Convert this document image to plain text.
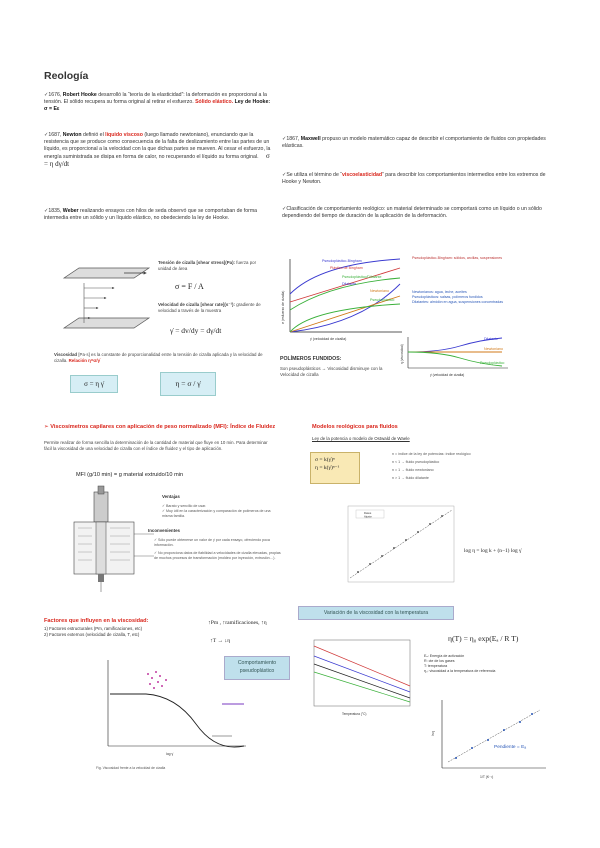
Reología
✓1676, Robert Hooke desarrolló la “teoría de la elasticidad”: la deformación es proporcional a la tensión. El sólido recupera su forma original al retirar el esfuerzo. Sólido elástico. Ley de Hooke: σ = Eε
✓1687, Newton definió el líquido viscoso (luego llamado newtoniano), enunciando que la resistencia que se produce como consecuencia de la falta de deslizamiento entre las partes de un líquido, es proporcional a la velocidad con la que dichas partes se mueven. Al cesar el esfuerzo, la energía suministrada se disipa en forma de calor, no recuperando el líquido su forma original. σ = η dγ/dt
✓1835, Weber realizando ensayos con hilos de seda observó que se comportaban de forma intermedia entre un sólido y un líquido elástico, no obedeciendo la ley de Hooke.
✓1867, Maxwell propuso un modelo matemático capaz de describir el comportamiento de fluidos con propiedades elásticas.
✓Se utiliza el término de “viscoelasticidad” para describir los comportamientos intermedios entre los extremos de Hooke y Newton.
✓Clasificación de comportamiento reológico: un material determinado se comportará como un líquido o un sólido dependiendo del tiempo de duración de la aplicación de la deformación.
Tensión de cizalla [shear stress](Pa): fuerza por unidad de área
σ = F / A
Velocidad de cizalla [shear rate](s⁻¹): gradiente de velocidad a través de la muestra
γ̇ = dv/dy = dγ/dt
Viscosidad [Pa·s] es la constante de proporcionalidad entre la tensión de cizalla aplicada y la velocidad de cizalla. Relación η=σ/γ̇
σ = η γ̇	η = σ / γ̇
Pseudoplástico-Bingham
Plástico de Bingham
Pseudoplástico/Dilatante
Dilatante
Newtoniano
Pseudoplástico
σ (esfuerzo de cizalla)
γ̇ (velocidad de cizalla)
Pseudoplástico-Bingham: sólidos, arcillas, suspensiones
Newtonianos: agua, leche, aceites
Pseudoplásticos: salsas, polímeros fundidos
Dilatantes: almidón en agua, suspensiones concentradas
Dilatante
Newtoniano
Pseudoplástico
η (viscosidad)
γ̇ (velocidad de cizalla)
POLÍMEROS FUNDIDOS:
Son pseudoplásticos → Viscosidad disminuye con la Velocidad de cizalla
➢ Viscosímetros capilares con aplicación de peso normalizado (MFI): Índice de Fluidez
Permite realizar de forma sencilla la determinación de la cantidad de material que fluye en 10 min. Para determinar fácil la viscosidad de una velocidad de cizalla con el índice de fluidez y el tipo de aplicación.
MFI (g/10 min) = g material extruido/10 min
Ventajas
✓ Barato y sencillo de usar.
✓ Muy útil en la caracterización y comparación de polímeros de una misma familia.
Inconvenientes
✓ Sólo puede obtenerse un valor de γ̇ por cada ensayo, ofreciendo poca información.
✓ No proporciona datos de fiabilidad a velocidades de cizalla elevadas, propias de muchos procesos de transformación (moldeo por inyección, extrusión…).
Modelos reológicos para fluidos
Ley de la potencia o modelo de Ostwald de Waele
σ = k(γ̇)ⁿ
η = k(γ̇)ⁿ⁻¹
n = índice de la ley de potencias: índice reológico
n < 1 → fluido pseudoplástico
n = 1 → fluido newtoniano
n > 1 → fluido dilatante
Datos
Ajuste
log η = log k + (n−1) log γ̇
Factores que influyen en la viscosidad:
1) Factores estructurales (Pm, ramificaciones, etc)
2) Factores externos (velocidad de cizalla, T, etc)
↑Pm , ↑ramificaciones, ↑η
↑T → ↓η
Comportamiento pseudoplástico
log γ̇
Fig. Viscosidad frente a la velocidad de cizalla
Variación de la viscosidad con la temperatura
η(T) = η₀ exp(Eₐ / R T)
Eₐ: Energía de activación
R: cte de los gases
T: temperatura
η₀: viscosidad a la temperatura de referencia
Temperatura (°C)
ln η
1/T (K⁻¹)
Pendiente = Eₐ
